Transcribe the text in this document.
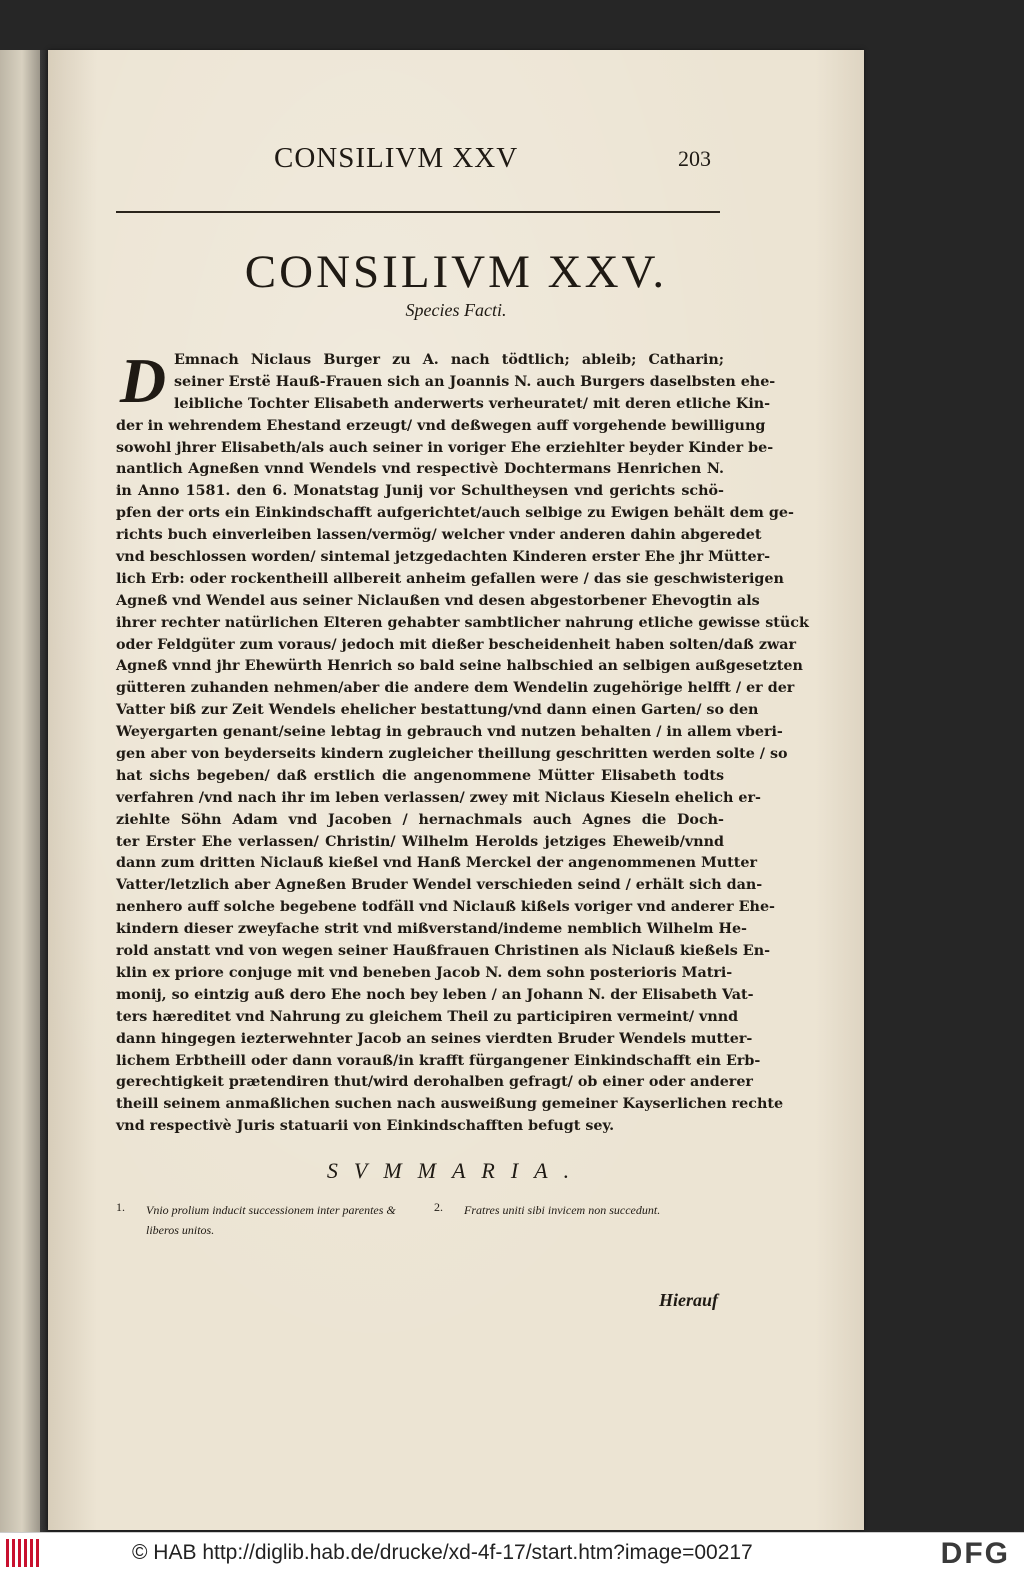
CONSILIVM XXV	203
CONSILIVM XXV.
Species Facti.
D Emnach Niclaus Burger zu A. nach tödtlich; ableib; Catharin;
seiner Erstë Hauß-Frauen sich an Joannis N. auch Burgers daselbsten ehe-
leibliche Tochter Elisabeth anderwerts verheuratet/ mit deren etliche Kin-
der in wehrendem Ehestand erzeugt/ vnd deßwegen auff vorgehende bewilligung
sowohl jhrer Elisabeth/als auch seiner in voriger Ehe erziehlter beyder Kinder be-
nantlich Agneßen vnnd Wendels vnd respectivè Dochtermans Henrichen N.
in Anno 1581. den 6. Monatstag Junij vor Schultheysen vnd gerichts schö-
pfen der orts ein Einkindschafft aufgerichtet/auch selbige zu Ewigen behält dem ge-
richts buch einverleiben lassen/vermög/ welcher vnder anderen dahin abgeredet
vnd beschlossen worden/ sintemal jetzgedachten Kinderen erster Ehe jhr Mütter-
lich Erb: oder rockentheill allbereit anheim gefallen were / das sie geschwisterigen
Agneß vnd Wendel aus seiner Niclaußen vnd desen abgestorbener Ehevogtin als
ihrer rechter natürlichen Elteren gehabter sambtlicher nahrung etliche gewisse stück
oder Feldgüter zum voraus/ jedoch mit dießer bescheidenheit haben solten/daß zwar
Agneß vnnd jhr Ehewürth Henrich so bald seine halbschied an selbigen außgesetzten
gütteren zuhanden nehmen/aber die andere dem Wendelin zugehörige helfft / er der
Vatter biß zur Zeit Wendels ehelicher bestattung/vnd dann einen Garten/ so den
Weyergarten genant/seine lebtag in gebrauch vnd nutzen behalten / in allem vberi-
gen aber von beyderseits kindern zugleicher theillung geschritten werden solte / so
hat sichs begeben/ daß erstlich die angenommene Mütter Elisabeth todts
verfahren /vnd nach ihr im leben verlassen/ zwey mit Niclaus Kieseln ehelich er-
ziehlte Söhn Adam vnd Jacoben / hernachmals auch Agnes die Doch-
ter Erster Ehe verlassen/ Christin/ Wilhelm Herolds jetziges Eheweib/vnnd
dann zum dritten Niclauß kießel vnd Hanß Merckel der angenommenen Mutter
Vatter/letzlich aber Agneßen Bruder Wendel verschieden seind / erhält sich dan-
nenhero auff solche begebene todfäll vnd Niclauß kißels voriger vnd anderer Ehe-
kindern dieser zweyfache strit vnd mißverstand/indeme nemblich Wilhelm He-
rold anstatt vnd von wegen seiner Haußfrauen Christinen als Niclauß kießels En-
klin ex priore conjuge mit vnd beneben Jacob N. dem sohn posterioris Matri-
monij, so eintzig auß dero Ehe noch bey leben / an Johann N. der Elisabeth Vat-
ters hæreditet vnd Nahrung zu gleichem Theil zu participiren vermeint/ vnnd
dann hingegen iezterwehnter Jacob an seines vierdten Bruder Wendels mutter-
lichem Erbtheill oder dann vorauß/in krafft fürgangener Einkindschafft ein Erb-
gerechtigkeit prætendiren thut/wird derohalben gefragt/ ob einer oder anderer
theill seinem anmaßlichen suchen nach ausweißung gemeiner Kayserlichen rechte
vnd respectivè Juris statuarii von Einkindschafften befugt sey.
SVMMARIA.
1. Vnio prolium inducit successionem inter parentes & liberos unitos.
2. Fratres uniti sibi invicem non succedunt.
Hierauf
© HAB http://diglib.hab.de/drucke/xd-4f-17/start.htm?image=00217	DFG
